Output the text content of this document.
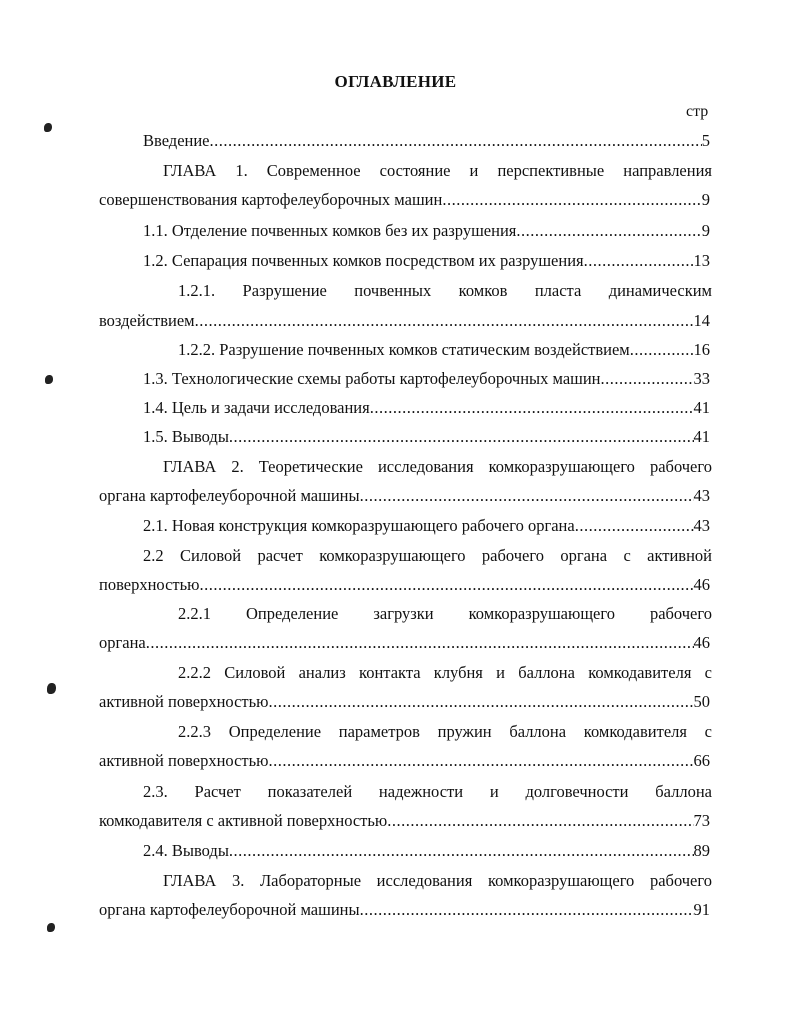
ОГЛАВЛЕНИЕ
стр
Введение .....	5
ГЛАВА 1. Современное состояние и перспективные направления
совершенствования картофелеуборочных машин .....	9
1.1. Отделение почвенных комков без их разрушения .....	9
1.2. Сепарация почвенных комков посредством их разрушения .....	13
1.2.1. Разрушение почвенных комков пласта динамическим
воздействием .....	14
1.2.2. Разрушение почвенных комков статическим воздействием .....	16
1.3. Технологические схемы работы картофелеуборочных машин .....	33
1.4. Цель и задачи исследования .....	41
1.5. Выводы .....	41
ГЛАВА 2. Теоретические исследования комкоразрушающего рабочего
органа картофелеуборочной машины .....	43
2.1. Новая конструкция комкоразрушающего рабочего органа .....	43
2.2 Силовой расчет комкоразрушающего рабочего органа с активной
поверхностью .....	46
2.2.1 Определение загрузки комкоразрушающего рабочего
органа .....	46
2.2.2 Силовой анализ контакта клубня и баллона комкодавителя с
активной поверхностью .....	50
2.2.3 Определение параметров пружин баллона комкодавителя с
активной поверхностью .....	66
2.3. Расчет показателей надежности и долговечности баллона
комкодавителя с активной поверхностью .....	73
2.4. Выводы .....	89
ГЛАВА 3. Лабораторные исследования комкоразрушающего рабочего
органа картофелеуборочной машины .....	91
